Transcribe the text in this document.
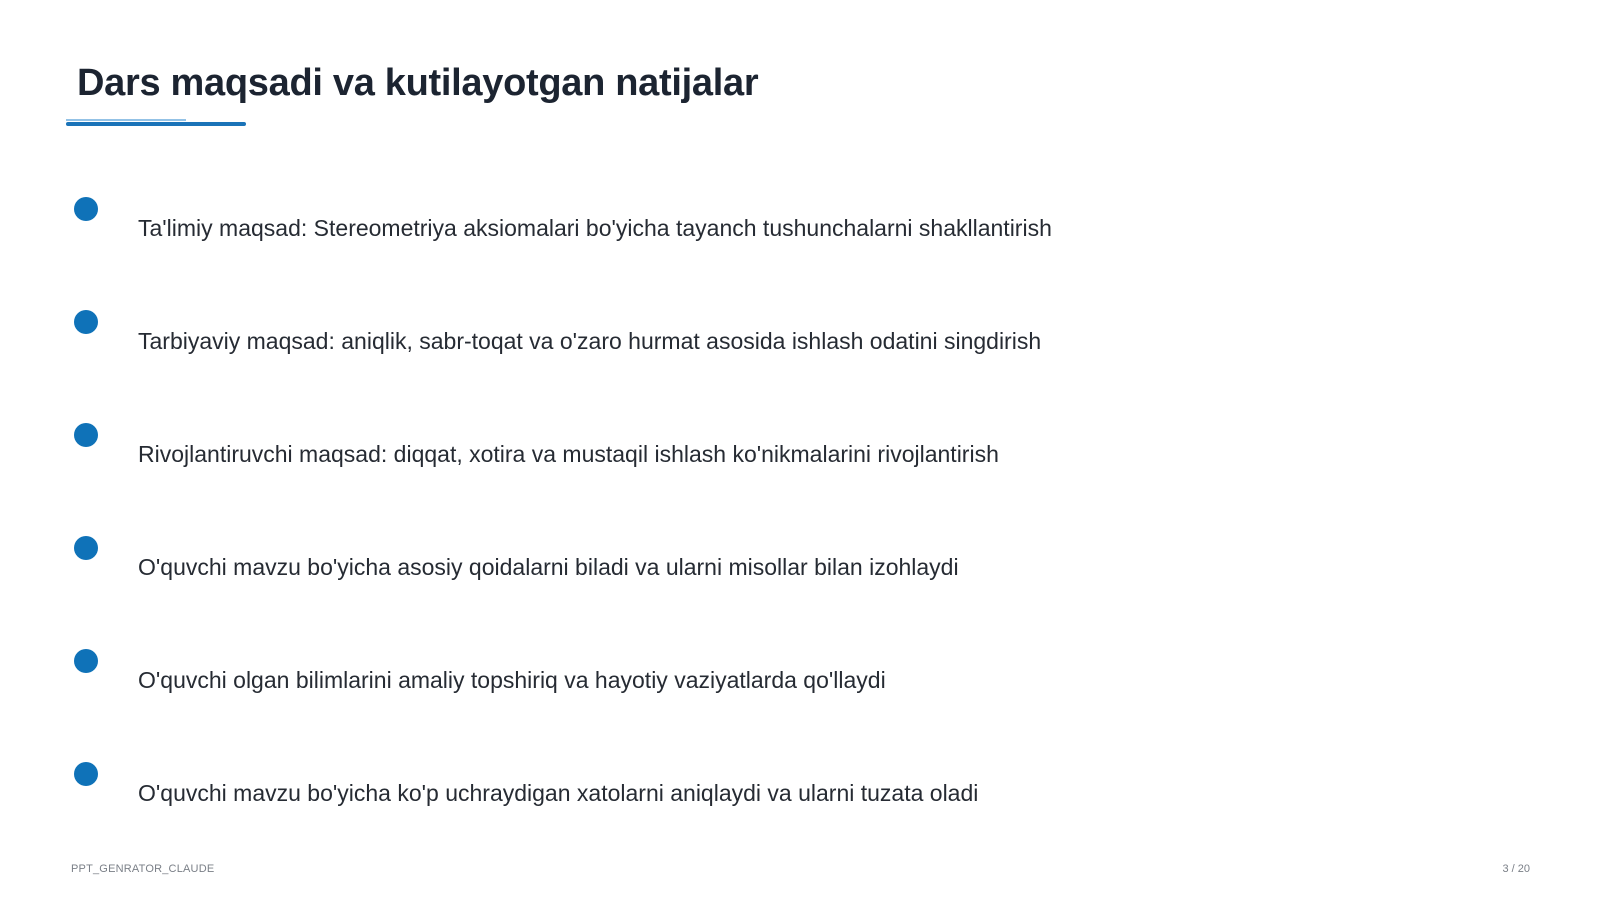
Dars maqsadi va kutilayotgan natijalar
Ta'limiy maqsad: Stereometriya aksiomalari bo'yicha tayanch tushunchalarni shakllantirish
Tarbiyaviy maqsad: aniqlik, sabr-toqat va o'zaro hurmat asosida ishlash odatini singdirish
Rivojlantiruvchi maqsad: diqqat, xotira va mustaqil ishlash ko'nikmalarini rivojlantirish
O'quvchi mavzu bo'yicha asosiy qoidalarni biladi va ularni misollar bilan izohlaydi
O'quvchi olgan bilimlarini amaliy topshiriq va hayotiy vaziyatlarda qo'llaydi
O'quvchi mavzu bo'yicha ko'p uchraydigan xatolarni aniqlaydi va ularni tuzata oladi
PPT_GENRATOR_CLAUDE	3 / 20
